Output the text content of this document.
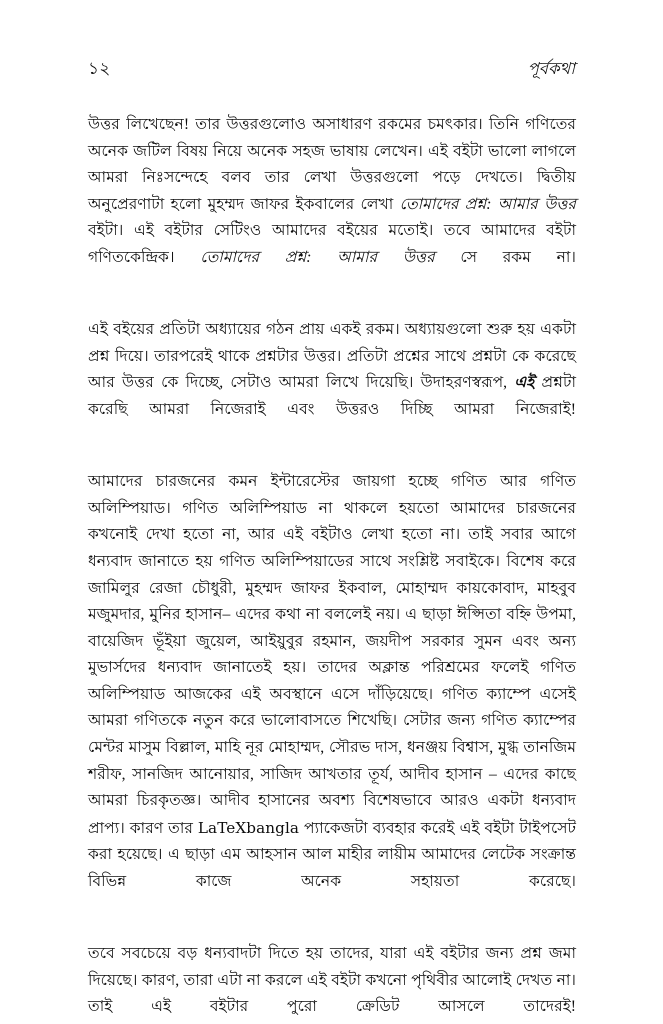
১২	পূর্বকথা

উত্তর লিখেছেন! তার উত্তরগুলোও অসাধারণ রকমের চমৎকার। তিনি গণিতের অনেক জটিল বিষয় নিয়ে অনেক সহজ ভাষায় লেখেন। এই বইটা ভালো লাগলে আমরা নিঃসন্দেহে বলব তার লেখা উত্তরগুলো পড়ে দেখতে। দ্বিতীয় অনুপ্রেরণাটা হলো মুহম্মদ জাফর ইকবালের লেখা তোমাদের প্রশ্ন: আমার উত্তর বইটা। এই বইটার সেটিংও আমাদের বইয়ের মতোই। তবে আমাদের বইটা গণিতকেন্দ্রিক। তোমাদের প্রশ্ন: আমার উত্তর সে রকম না।

এই বইয়ের প্রতিটা অধ্যায়ের গঠন প্রায় একই রকম। অধ্যায়গুলো শুরু হয় একটা প্রশ্ন দিয়ে। তারপরেই থাকে প্রশ্নটার উত্তর। প্রতিটা প্রশ্নের সাথে প্রশ্নটা কে করেছে আর উত্তর কে দিচ্ছে, সেটাও আমরা লিখে দিয়েছি। উদাহরণস্বরূপ, এই প্রশ্নটা করেছি আমরা নিজেরাই এবং উত্তরও দিচ্ছি আমরা নিজেরাই!

আমাদের চারজনের কমন ইন্টারেস্টের জায়গা হচ্ছে গণিত আর গণিত অলিম্পিয়াড। গণিত অলিম্পিয়াড না থাকলে হয়তো আমাদের চারজনের কখনোই দেখা হতো না, আর এই বইটাও লেখা হতো না। তাই সবার আগে ধন্যবাদ জানাতে হয় গণিত অলিম্পিয়াডের সাথে সংশ্লিষ্ট সবাইকে। বিশেষ করে জামিলুর রেজা চৌধুরী, মুহম্মদ জাফর ইকবাল, মোহাম্মদ কায়কোবাদ, মাহবুব মজুমদার, মুনির হাসান– এদের কথা না বললেই নয়। এ ছাড়া ঈপ্সিতা বহ্নি উপমা, বায়েজিদ ভূঁইয়া জুয়েল, আইয়ুবুর রহমান, জয়দীপ সরকার সুমন এবং অন্য মুভার্সদের ধন্যবাদ জানাতেই হয়। তাদের অক্লান্ত পরিশ্রমের ফলেই গণিত অলিম্পিয়াড আজকের এই অবস্থানে এসে দাঁড়িয়েছে। গণিত ক্যাম্পে এসেই আমরা গণিতকে নতুন করে ভালোবাসতে শিখেছি। সেটার জন্য গণিত ক্যাম্পের মেন্টর মাসুম বিল্লাল, মাহি নূর মোহাম্মদ, সৌরভ দাস, ধনঞ্জয় বিশ্বাস, মুগ্ধ তানজিম শরীফ, সানজিদ আনোয়ার, সাজিদ আখতার তূর্য, আদীব হাসান – এদের কাছে আমরা চিরকৃতজ্ঞ। আদীব হাসানের অবশ্য বিশেষভাবে আরও একটা ধন্যবাদ প্রাপ্য। কারণ তার LaTeXbangla প্যাকেজটা ব্যবহার করেই এই বইটা টাইপসেট করা হয়েছে। এ ছাড়া এম আহসান আল মাহীর লায়ীম আমাদের লেটেক সংক্রান্ত বিভিন্ন কাজে অনেক সহায়তা করেছে।

তবে সবচেয়ে বড় ধন্যবাদটা দিতে হয় তাদের, যারা এই বইটার জন্য প্রশ্ন জমা দিয়েছে। কারণ, তারা এটা না করলে এই বইটা কখনো পৃথিবীর আলোই দেখত না। তাই এই বইটার পুরো ক্রেডিট আসলে তাদেরই!
